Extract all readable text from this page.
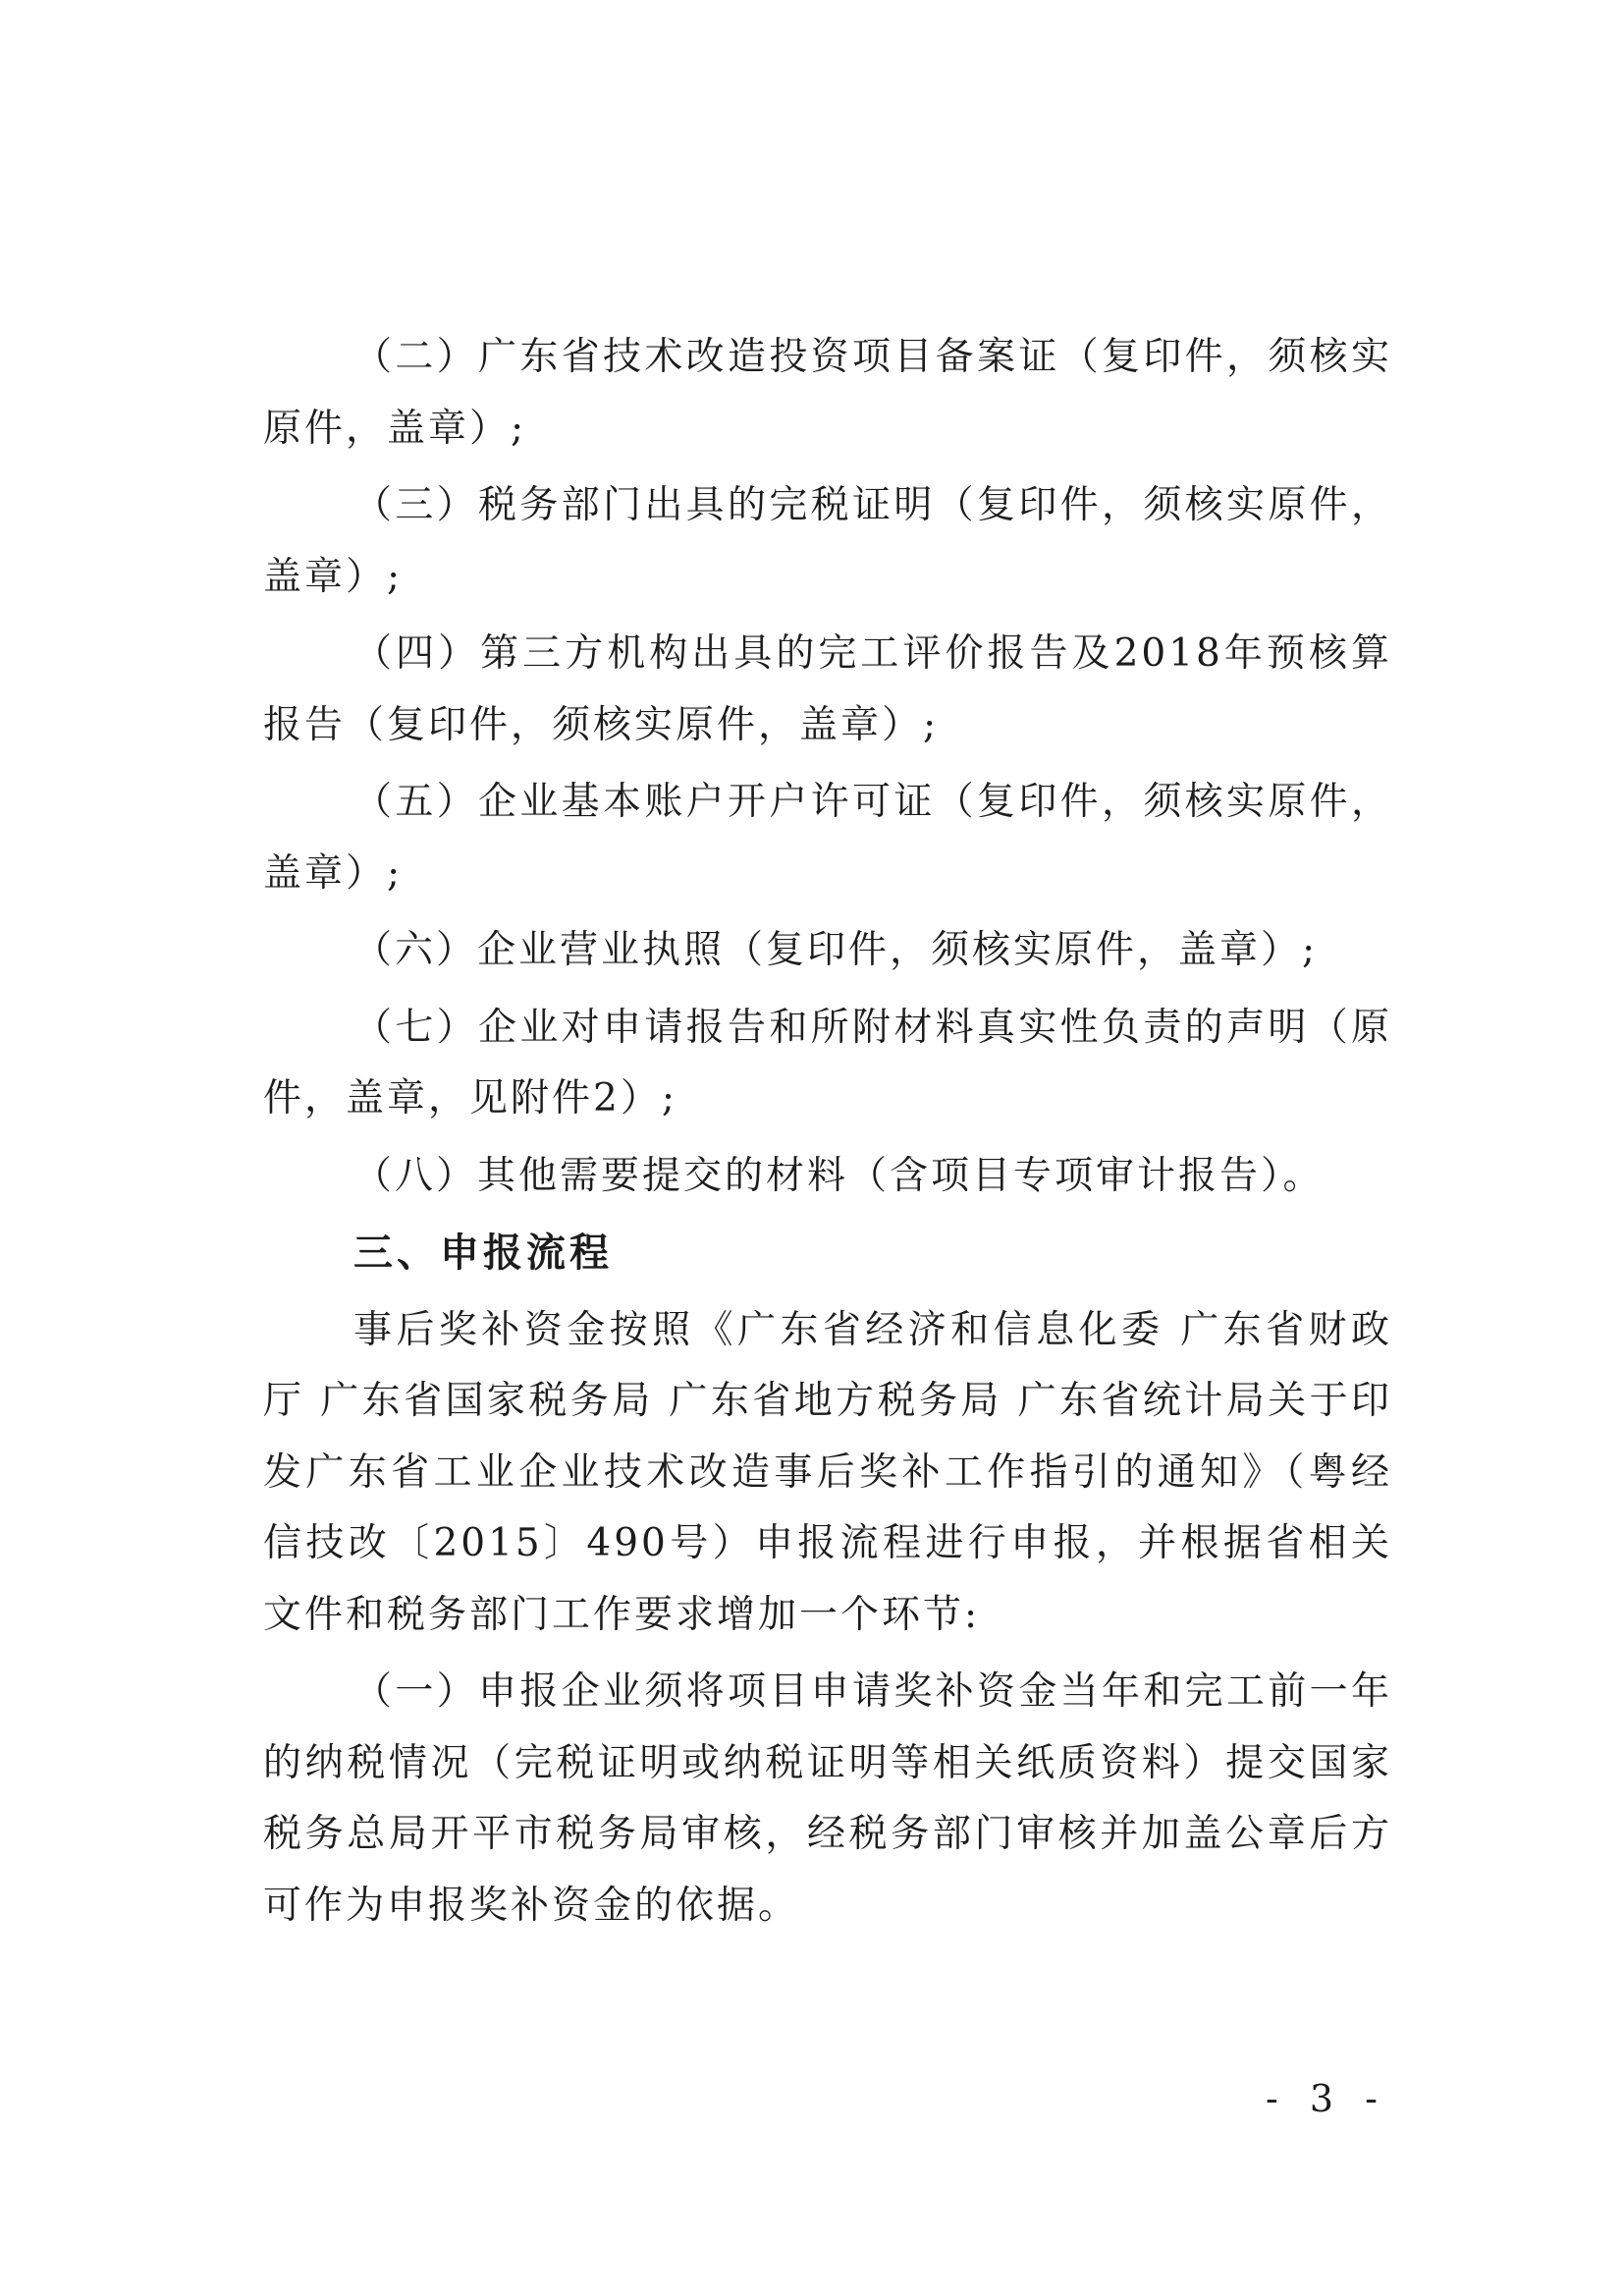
（二）广东省技术改造投资项目备案证（复印件，须核实原件，盖章）;

（三）税务部门出具的完税证明（复印件，须核实原件，盖章）;

（四）第三方机构出具的完工评价报告及2018年预核算报告（复印件，须核实原件，盖章）;

（五）企业基本账户开户许可证（复印件，须核实原件，盖章）;

（六）企业营业执照（复印件，须核实原件，盖章）;

（七）企业对申请报告和所附材料真实性负责的声明（原件，盖章，见附件2）;

（八）其他需要提交的材料（含项目专项审计报告）。

三、申报流程

事后奖补资金按照《广东省经济和信息化委 广东省财政厅 广东省国家税务局 广东省地方税务局 广东省统计局关于印发广东省工业企业技术改造事后奖补工作指引的通知》（粤经信技改〔2015〕490号）申报流程进行申报，并根据省相关文件和税务部门工作要求增加一个环节:

（一）申报企业须将项目申请奖补资金当年和完工前一年的纳税情况（完税证明或纳税证明等相关纸质资料）提交国家税务总局开平市税务局审核，经税务部门审核并加盖公章后方可作为申报奖补资金的依据。

- 3 -
